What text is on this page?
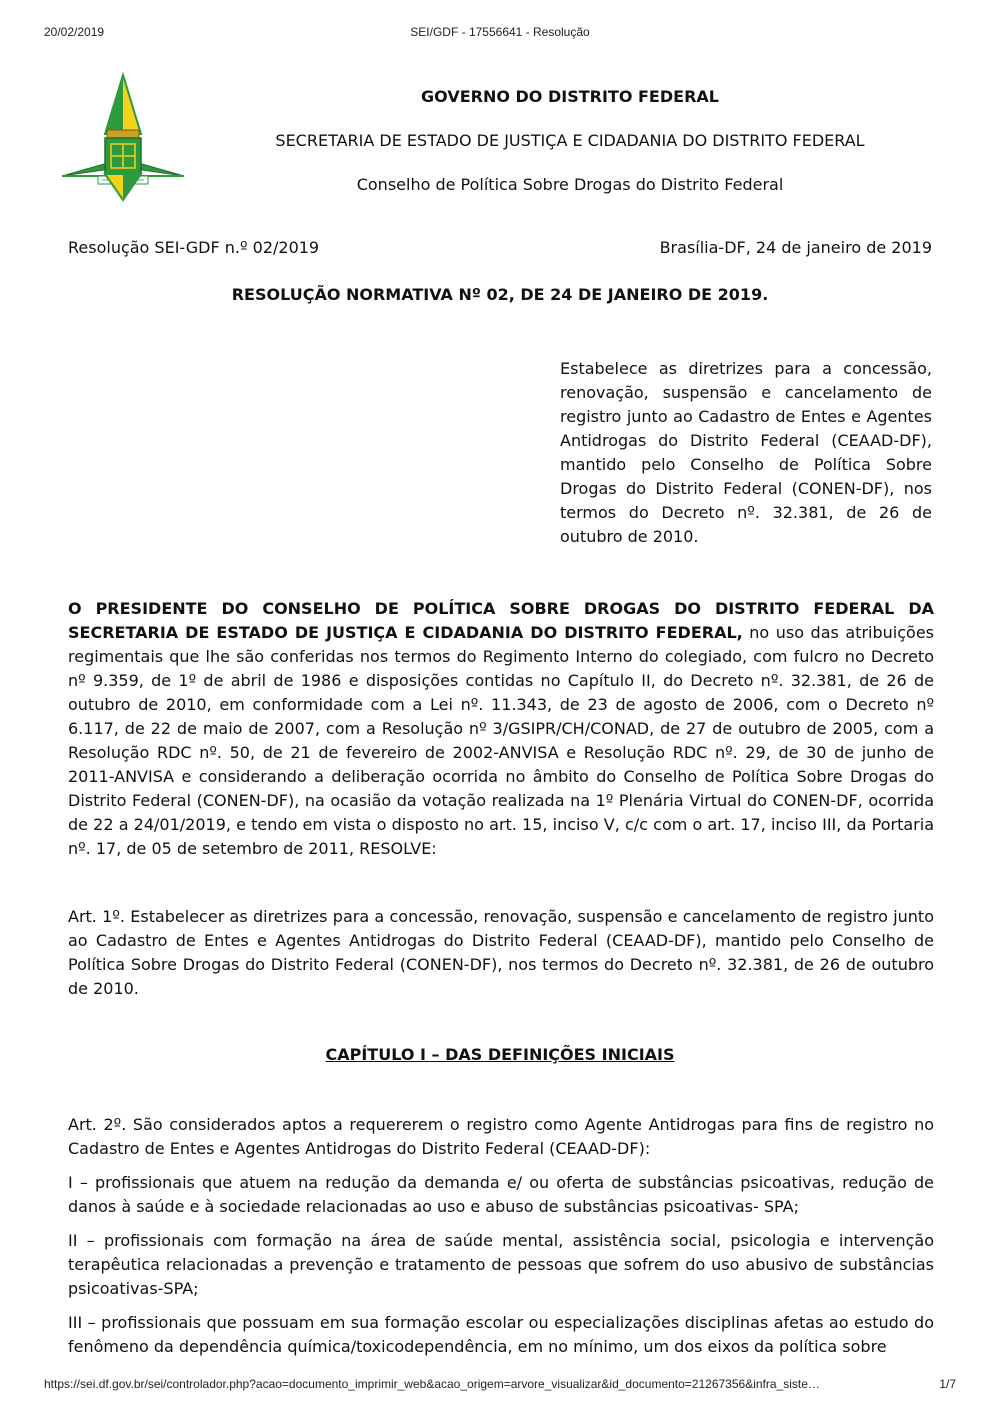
20/02/2019	SEI/GDF - 17556641 - Resolução
GOVERNO DO DISTRITO FEDERAL
SECRETARIA DE ESTADO DE JUSTIÇA E CIDADANIA DO DISTRITO FEDERAL
Conselho de Política Sobre Drogas do Distrito Federal
Resolução SEI-GDF n.º 02/2019	Brasília-DF, 24 de janeiro de 2019
RESOLUÇÃO NORMATIVA Nº 02, DE 24 DE JANEIRO DE 2019.

Estabelece as diretrizes para a concessão, renovação, suspensão e cancelamento de registro junto ao Cadastro de Entes e Agentes Antidrogas do Distrito Federal (CEAAD-DF), mantido pelo Conselho de Política Sobre Drogas do Distrito Federal (CONEN-DF), nos termos do Decreto nº. 32.381, de 26 de outubro de 2010.

O PRESIDENTE DO CONSELHO DE POLÍTICA SOBRE DROGAS DO DISTRITO FEDERAL DA SECRETARIA DE ESTADO DE JUSTIÇA E CIDADANIA DO DISTRITO FEDERAL, no uso das atribuições regimentais que lhe são conferidas nos termos do Regimento Interno do colegiado, com fulcro no Decreto nº 9.359, de 1º de abril de 1986 e disposições contidas no Capítulo II, do Decreto nº. 32.381, de 26 de outubro de 2010, em conformidade com a Lei nº. 11.343, de 23 de agosto de 2006, com o Decreto nº 6.117, de 22 de maio de 2007, com a Resolução nº 3/GSIPR/CH/CONAD, de 27 de outubro de 2005, com a Resolução RDC nº. 50, de 21 de fevereiro de 2002-ANVISA e Resolução RDC nº. 29, de 30 de junho de 2011-ANVISA e considerando a deliberação ocorrida no âmbito do Conselho de Política Sobre Drogas do Distrito Federal (CONEN-DF), na ocasião da votação realizada na 1º Plenária Virtual do CONEN-DF, ocorrida de 22 a 24/01/2019, e tendo em vista o disposto no art. 15, inciso V, c/c com o art. 17, inciso III, da Portaria nº. 17, de 05 de setembro de 2011, RESOLVE:

Art. 1º. Estabelecer as diretrizes para a concessão, renovação, suspensão e cancelamento de registro junto ao Cadastro de Entes e Agentes Antidrogas do Distrito Federal (CEAAD-DF), mantido pelo Conselho de Política Sobre Drogas do Distrito Federal (CONEN-DF), nos termos do Decreto nº. 32.381, de 26 de outubro de 2010.

CAPÍTULO I – DAS DEFINIÇÕES INICIAIS

Art. 2º. São considerados aptos a requererem o registro como Agente Antidrogas para fins de registro no Cadastro de Entes e Agentes Antidrogas do Distrito Federal (CEAAD-DF):

I – profissionais que atuem na redução da demanda e/ ou oferta de substâncias psicoativas, redução de danos à saúde e à sociedade relacionadas ao uso e abuso de substâncias psicoativas- SPA;

II – profissionais com formação na área de saúde mental, assistência social, psicologia e intervenção terapêutica relacionadas a prevenção e tratamento de pessoas que sofrem do uso abusivo de substâncias psicoativas-SPA;

III – profissionais que possuam em sua formação escolar ou especializações disciplinas afetas ao estudo do fenômeno da dependência química/toxicodependência, em no mínimo, um dos eixos da política sobre

https://sei.df.gov.br/sei/controlador.php?acao=documento_imprimir_web&acao_origem=arvore_visualizar&id_documento=21267356&infra_siste…	1/7
